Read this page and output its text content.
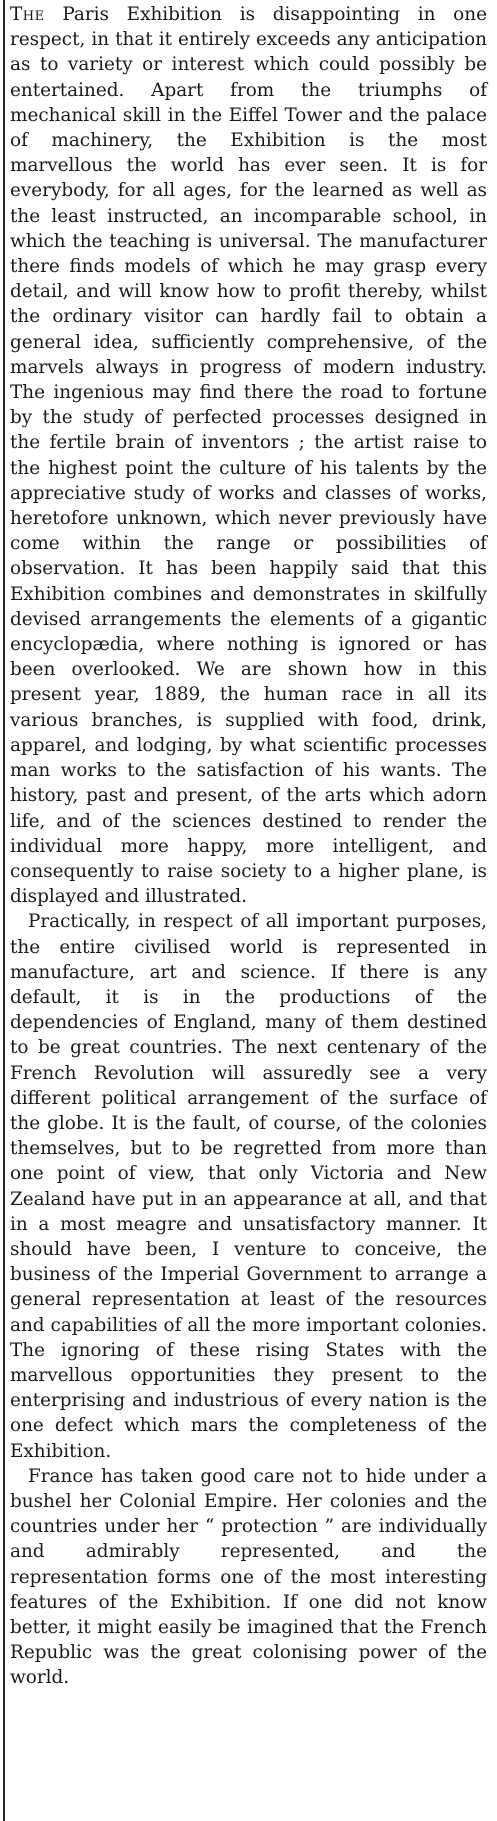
The Paris Exhibition is disappointing in one respect, in that it entirely exceeds any anticipation as to variety or interest which could possibly be entertained. Apart from the triumphs of mechanical skill in the Eiffel Tower and the palace of machinery, the Exhibition is the most marvellous the world has ever seen. It is for everybody, for all ages, for the learned as well as the least instructed, an incomparable school, in which the teaching is universal. The manufacturer there finds models of which he may grasp every detail, and will know how to profit thereby, whilst the ordinary visitor can hardly fail to obtain a general idea, sufficiently comprehensive, of the marvels always in progress of modern industry. The ingenious may find there the road to fortune by the study of perfected processes designed in the fertile brain of inventors ; the artist raise to the highest point the culture of his talents by the appreciative study of works and classes of works, heretofore unknown, which never previously have come within the range or possibilities of observation. It has been happily said that this Exhibition combines and demonstrates in skilfully devised arrangements the elements of a gigantic encyclopædia, where nothing is ignored or has been overlooked. We are shown how in this present year, 1889, the human race in all its various branches, is supplied with food, drink, apparel, and lodging, by what scientific processes man works to the satisfaction of his wants. The history, past and present, of the arts which adorn life, and of the sciences destined to render the individual more happy, more intelligent, and consequently to raise society to a higher plane, is displayed and illustrated.

Practically, in respect of all important purposes, the entire civilised world is represented in manufacture, art and science. If there is any default, it is in the productions of the dependencies of England, many of them destined to be great countries. The next centenary of the French Revolution will assuredly see a very different political arrangement of the surface of the globe. It is the fault, of course, of the colonies themselves, but to be regretted from more than one point of view, that only Victoria and New Zealand have put in an appearance at all, and that in a most meagre and unsatisfactory manner. It should have been, I venture to conceive, the business of the Imperial Government to arrange a general representation at least of the resources and capabilities of all the more important colonies. The ignoring of these rising States with the marvellous opportunities they present to the enterprising and industrious of every nation is the one defect which mars the completeness of the Exhibition.

France has taken good care not to hide under a bushel her Colonial Empire. Her colonies and the countries under her “ protection ” are individually and admirably represented, and the representation forms one of the most interesting features of the Exhibition. If one did not know better, it might easily be imagined that the French Republic was the great colonising power of the world.
